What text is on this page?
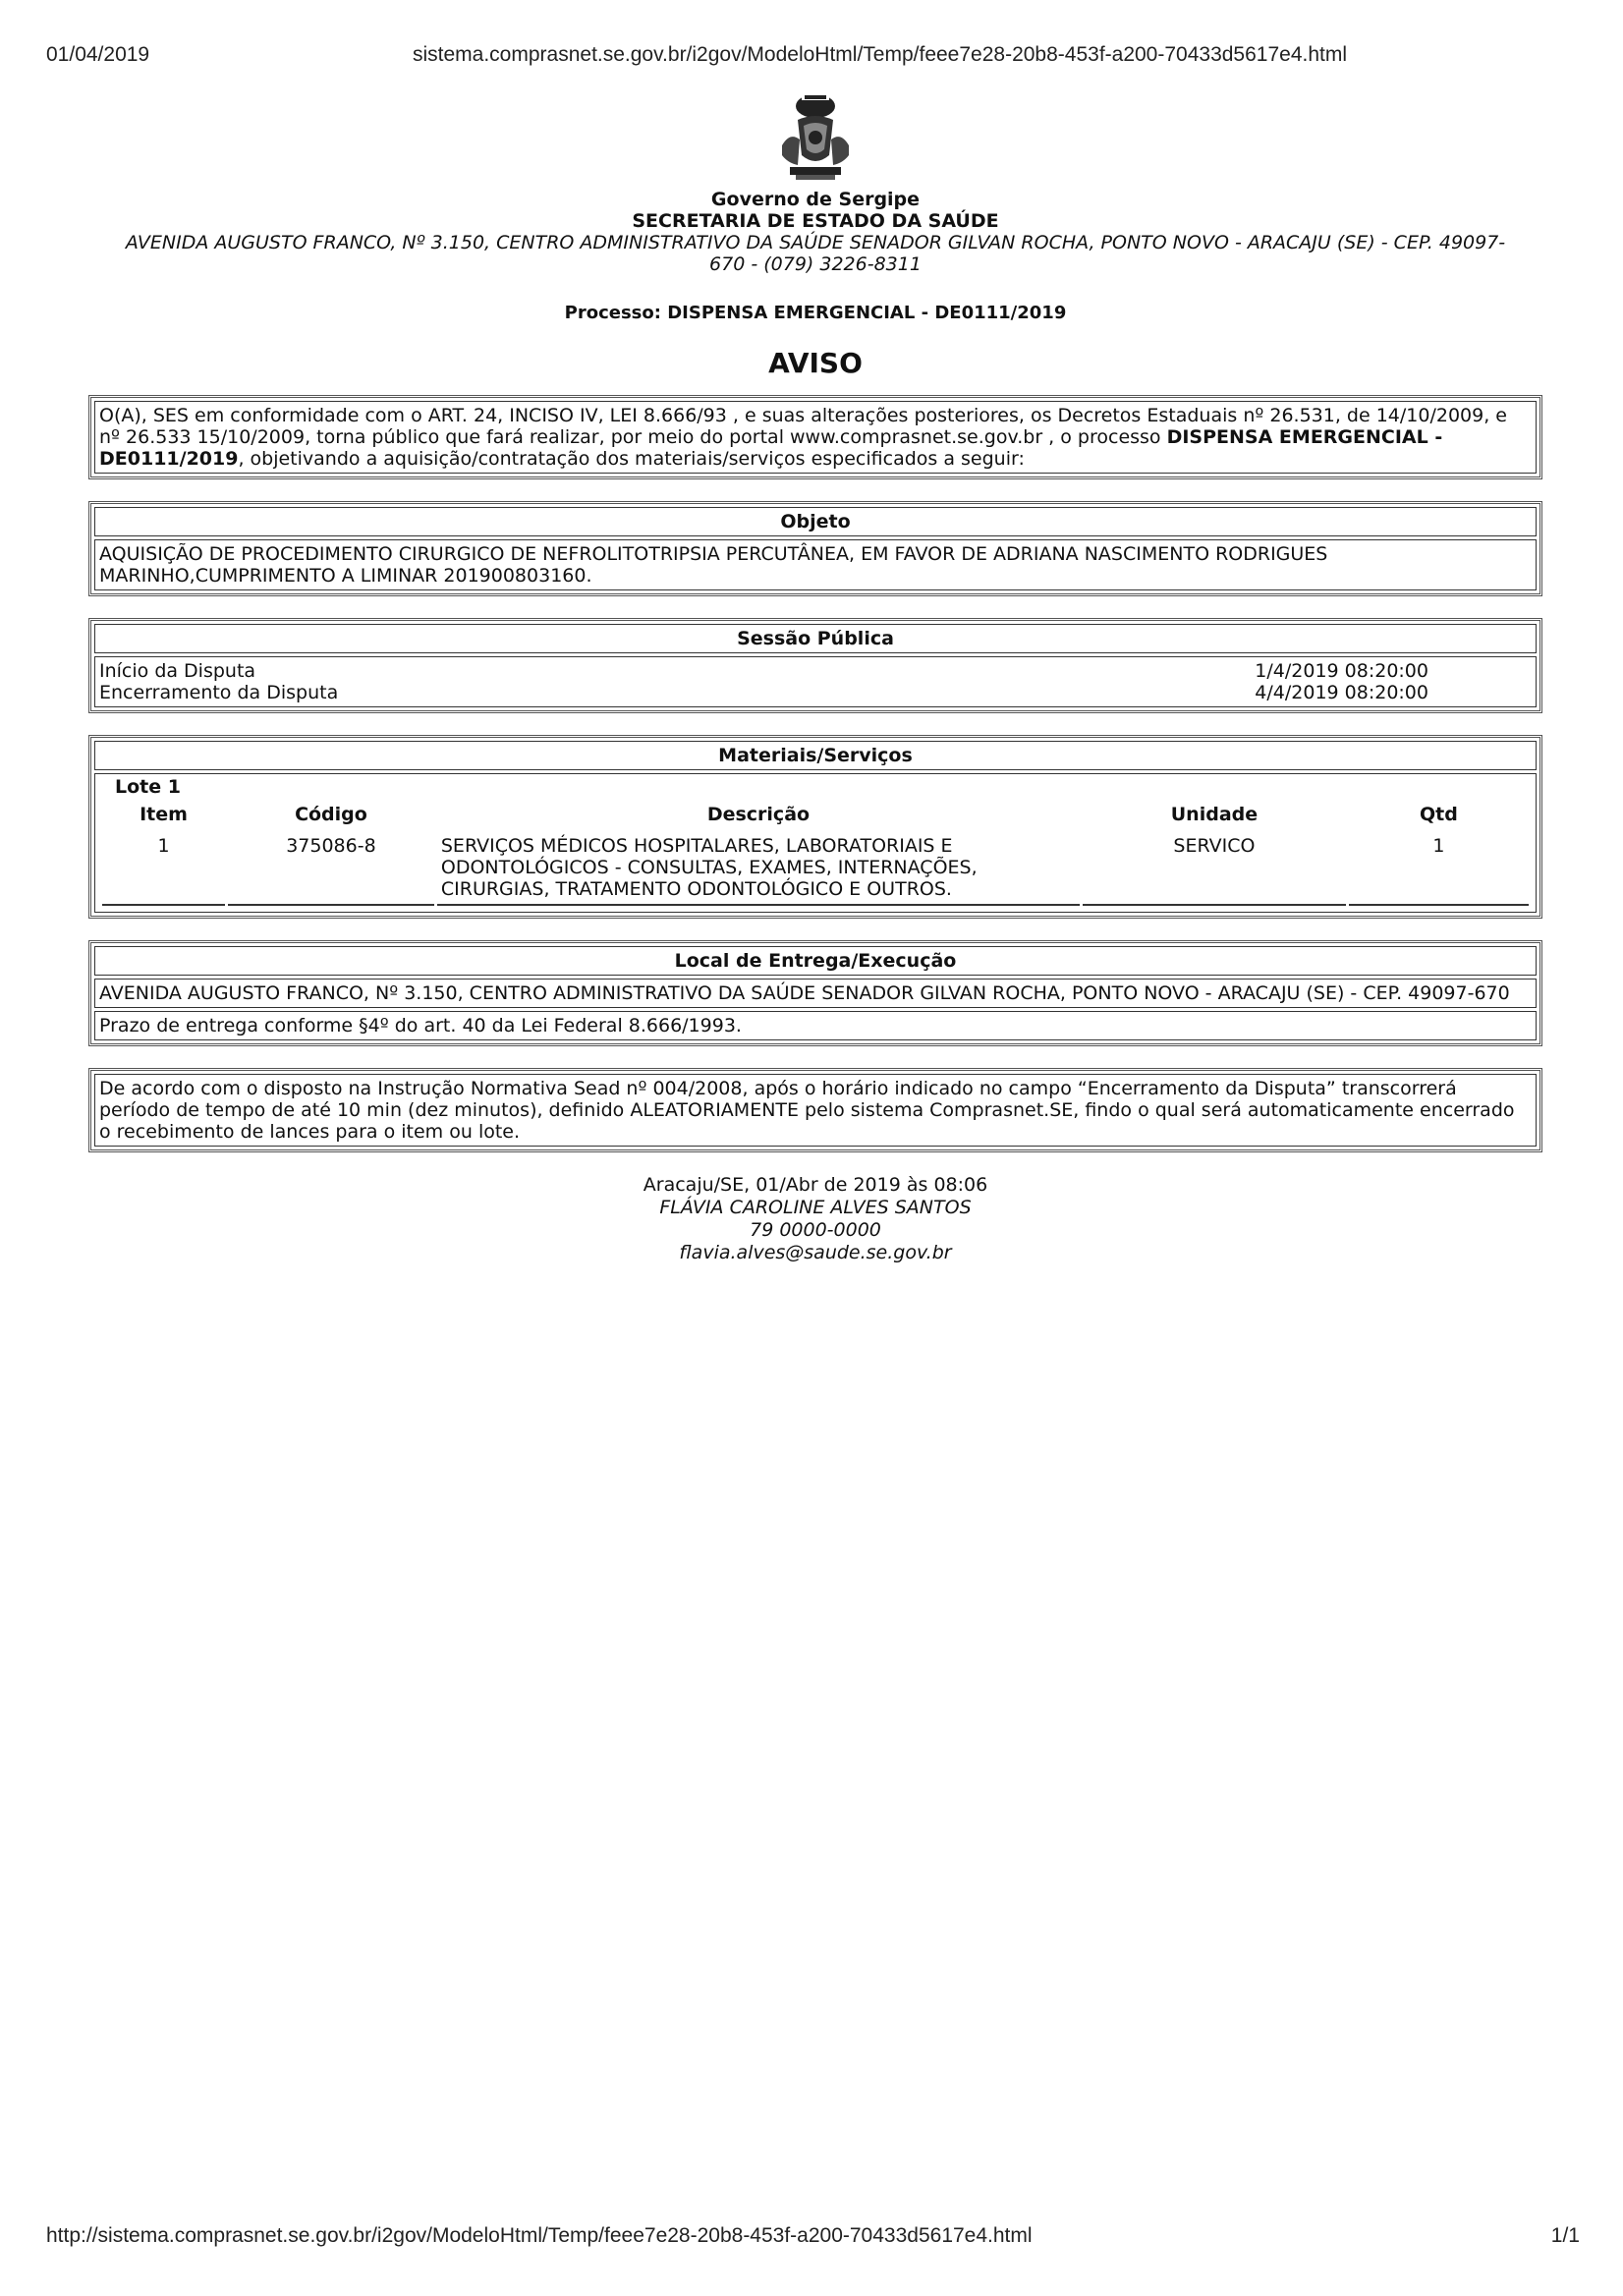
01/04/2019	sistema.comprasnet.se.gov.br/i2gov/ModeloHtml/Temp/feee7e28-20b8-453f-a200-70433d5617e4.html
Governo de Sergipe
SECRETARIA DE ESTADO DA SAÚDE
AVENIDA AUGUSTO FRANCO, Nº 3.150, CENTRO ADMINISTRATIVO DA SAÚDE SENADOR GILVAN ROCHA, PONTO NOVO - ARACAJU (SE) - CEP. 49097-
670 - (079) 3226-8311
Processo: DISPENSA EMERGENCIAL - DE0111/2019
AVISO
O(A), SES em conformidade com o ART. 24, INCISO IV, LEI 8.666/93 , e suas alterações posteriores, os Decretos Estaduais nº 26.531, de 14/10/2009, e nº 26.533 15/10/2009, torna público que fará realizar, por meio do portal www.comprasnet.se.gov.br , o processo DISPENSA EMERGENCIAL - DE0111/2019, objetivando a aquisição/contratação dos materiais/serviços especificados a seguir:
Objeto
AQUISIÇÃO DE PROCEDIMENTO CIRURGICO DE NEFROLITOTRIPSIA PERCUTÂNEA, EM FAVOR DE ADRIANA NASCIMENTO RODRIGUES MARINHO,CUMPRIMENTO A LIMINAR 201900803160.
Sessão Pública
Início da Disputa	1/4/2019 08:20:00
Encerramento da Disputa	4/4/2019 08:20:00
Materiais/Serviços
Lote 1
Item	Código	Descrição	Unidade	Qtd
1	375086-8	SERVIÇOS MÉDICOS HOSPITALARES, LABORATORIAIS E ODONTOLÓGICOS - CONSULTAS, EXAMES, INTERNAÇÕES, CIRURGIAS, TRATAMENTO ODONTOLÓGICO E OUTROS.	SERVICO	1
Local de Entrega/Execução
AVENIDA AUGUSTO FRANCO, Nº 3.150, CENTRO ADMINISTRATIVO DA SAÚDE SENADOR GILVAN ROCHA, PONTO NOVO - ARACAJU (SE) - CEP. 49097-670
Prazo de entrega conforme §4º do art. 40 da Lei Federal 8.666/1993.
De acordo com o disposto na Instrução Normativa Sead nº 004/2008, após o horário indicado no campo “Encerramento da Disputa” transcorrerá período de tempo de até 10 min (dez minutos), definido ALEATORIAMENTE pelo sistema Comprasnet.SE, findo o qual será automaticamente encerrado o recebimento de lances para o item ou lote.
Aracaju/SE, 01/Abr de 2019 às 08:06
FLÁVIA CAROLINE ALVES SANTOS
79 0000-0000
flavia.alves@saude.se.gov.br
http://sistema.comprasnet.se.gov.br/i2gov/ModeloHtml/Temp/feee7e28-20b8-453f-a200-70433d5617e4.html	1/1
